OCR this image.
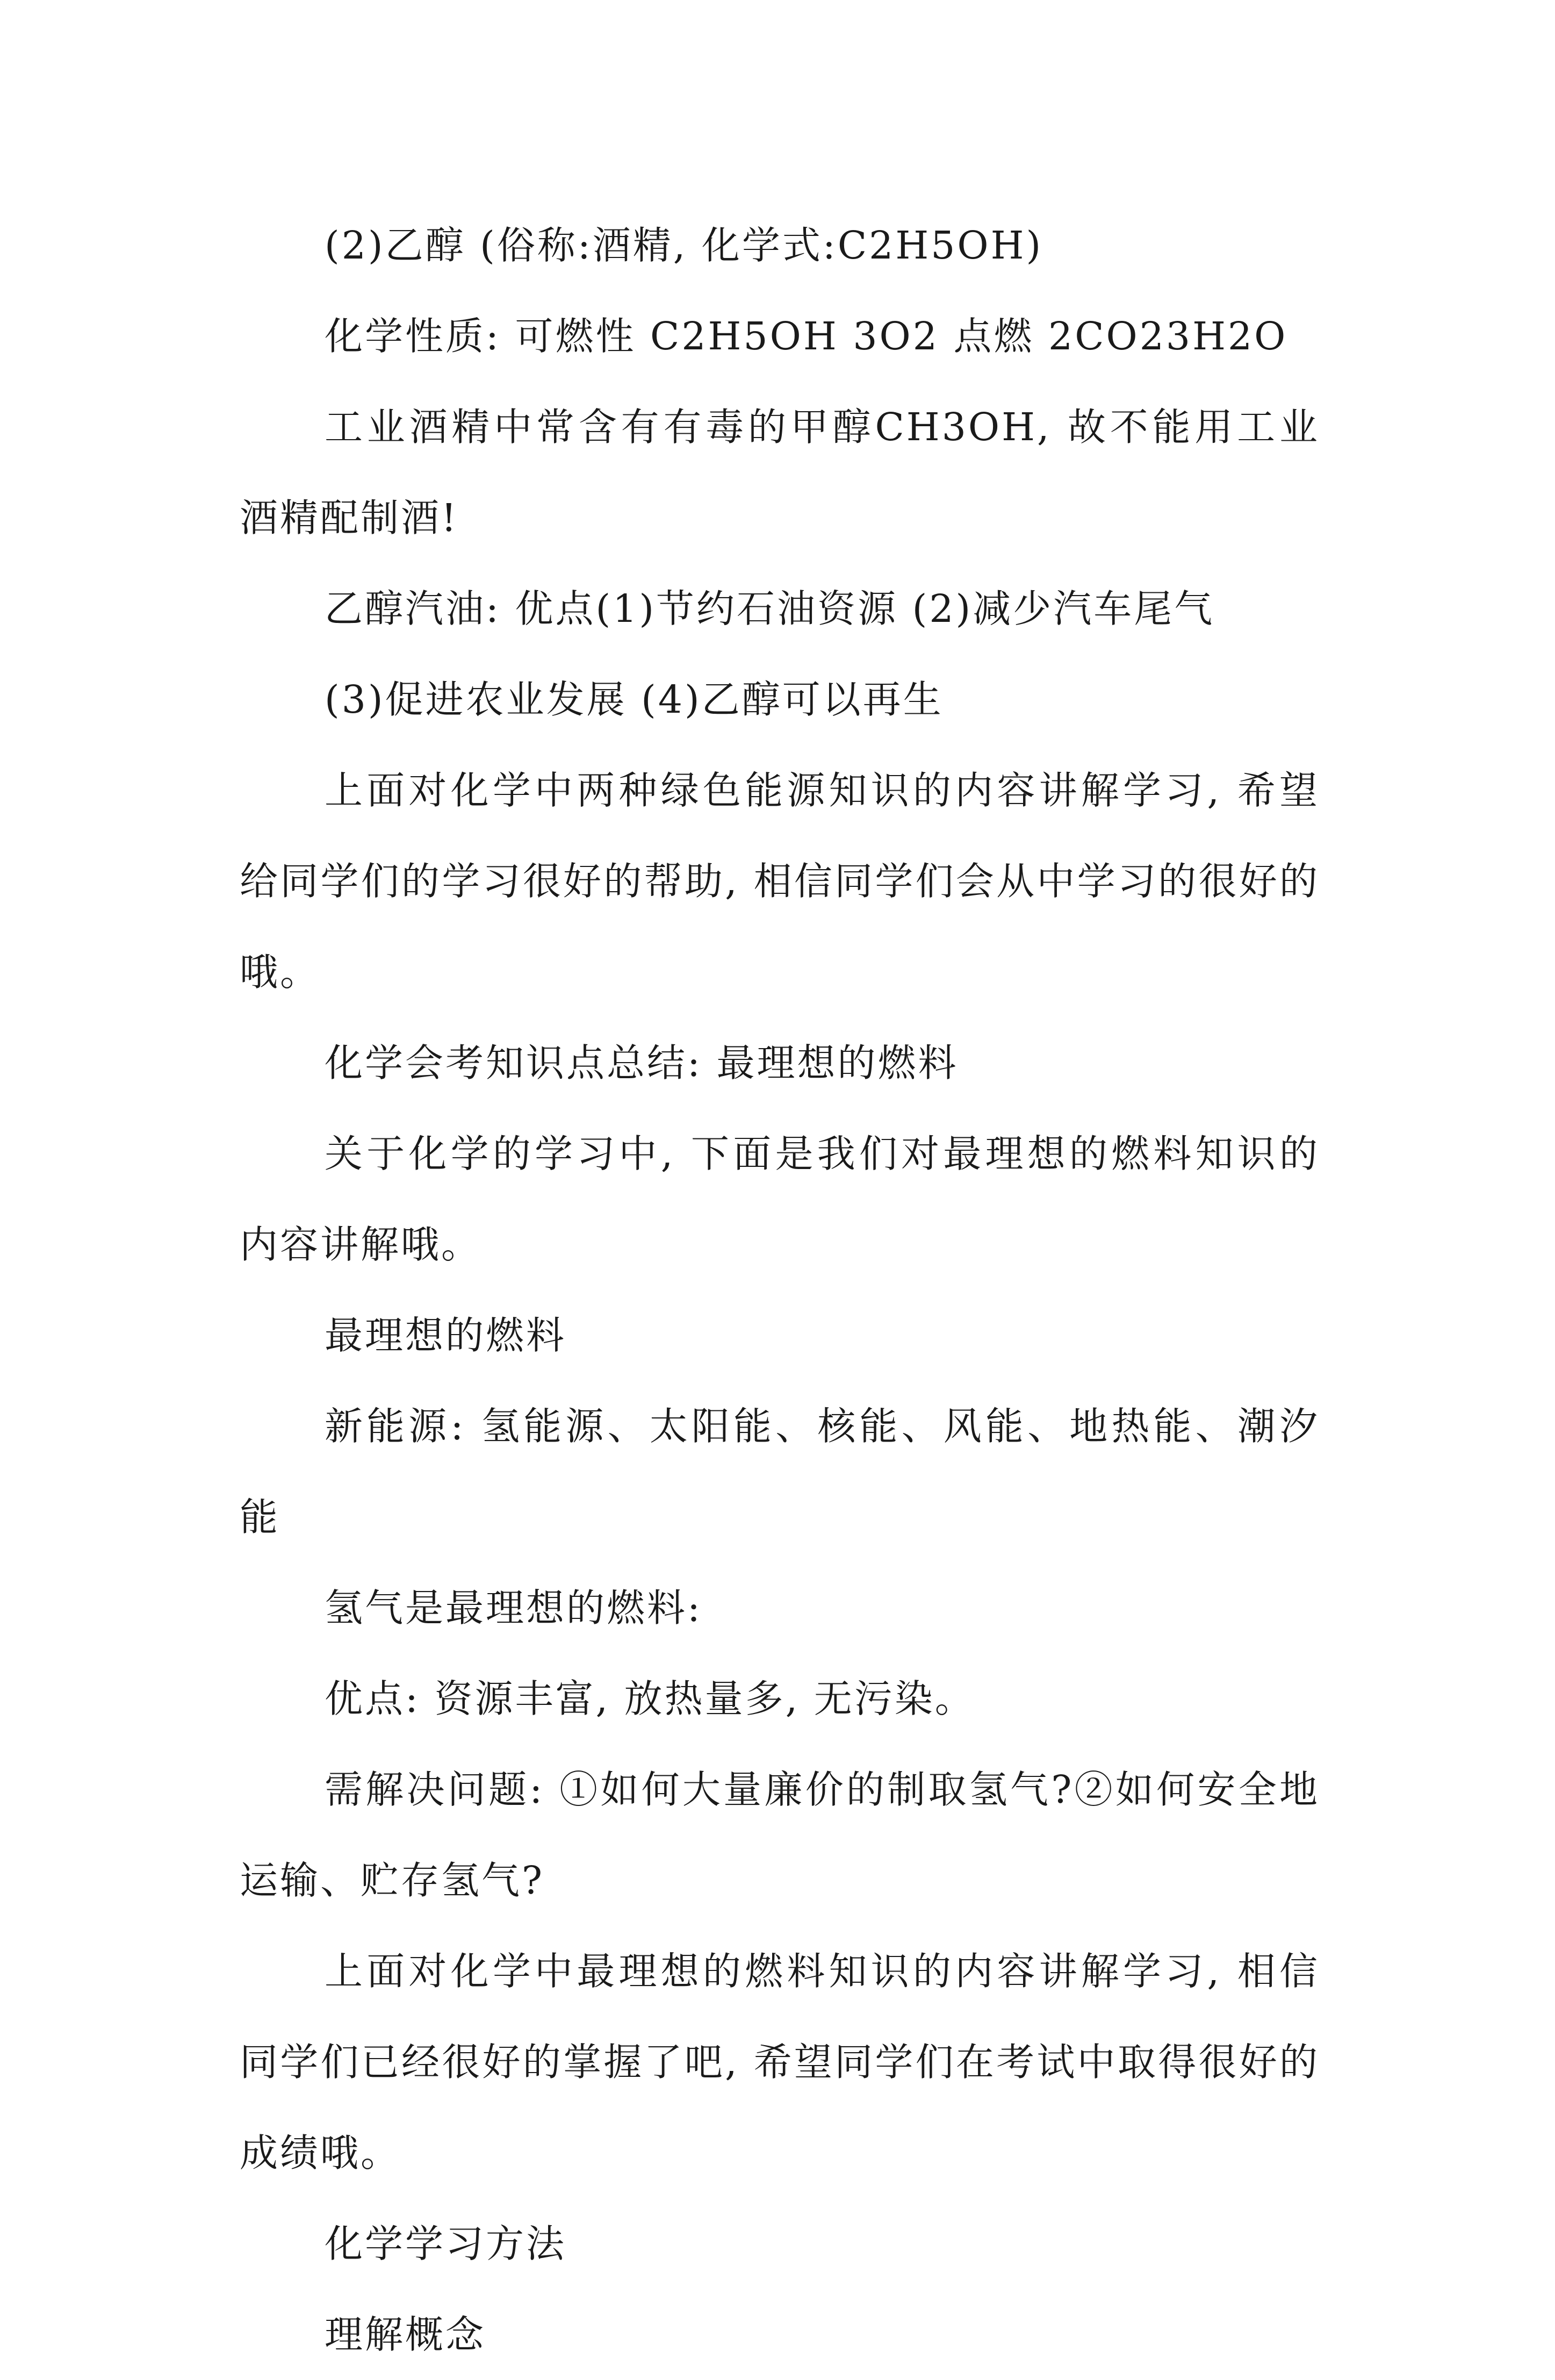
(2)乙醇 (俗称:酒精, 化学式:C2H5OH)

化学性质: 可燃性 C2H5OH 3O2 点燃 2CO23H2O

工业酒精中常含有有毒的甲醇CH3OH, 故不能用工业酒精配制酒!

乙醇汽油: 优点(1)节约石油资源 (2)减少汽车尾气

(3)促进农业发展 (4)乙醇可以再生

上面对化学中两种绿色能源知识的内容讲解学习, 希望给同学们的学习很好的帮助, 相信同学们会从中学习的很好的哦。

化学会考知识点总结: 最理想的燃料

关于化学的学习中, 下面是我们对最理想的燃料知识的内容讲解哦。

最理想的燃料

新能源: 氢能源、太阳能、核能、风能、地热能、潮汐能

氢气是最理想的燃料:

优点: 资源丰富, 放热量多, 无污染。

需解决问题: ①如何大量廉价的制取氢气?②如何安全地运输、贮存氢气?

上面对化学中最理想的燃料知识的内容讲解学习, 相信同学们已经很好的掌握了吧, 希望同学们在考试中取得很好的成绩哦。

化学学习方法

理解概念
